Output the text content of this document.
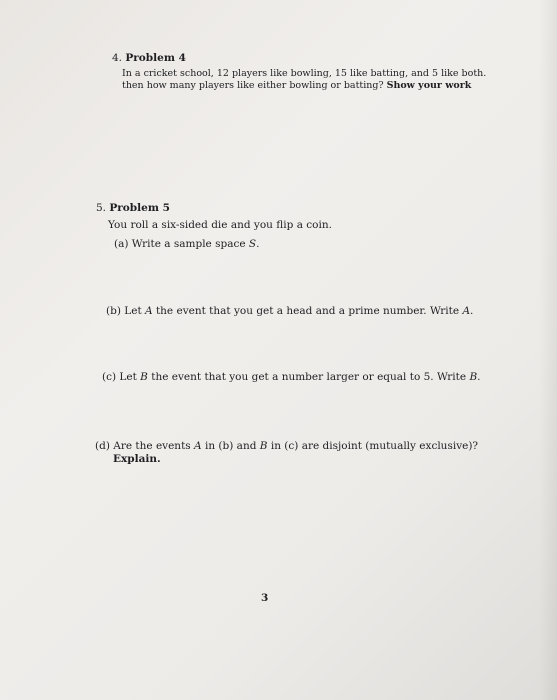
4. Problem 4
In a cricket school, 12 players like bowling, 15 like batting, and 5 like both.
then how many players like either bowling or batting? Show your work
5. Problem 5
You roll a six-sided die and you flip a coin.
(a) Write a sample space S.
(b) Let A the event that you get a head and a prime number. Write A.
(c) Let B the event that you get a number larger or equal to 5. Write B.
(d) Are the events A in (b) and B in (c) are disjoint (mutually exclusive)?
Explain.
3
